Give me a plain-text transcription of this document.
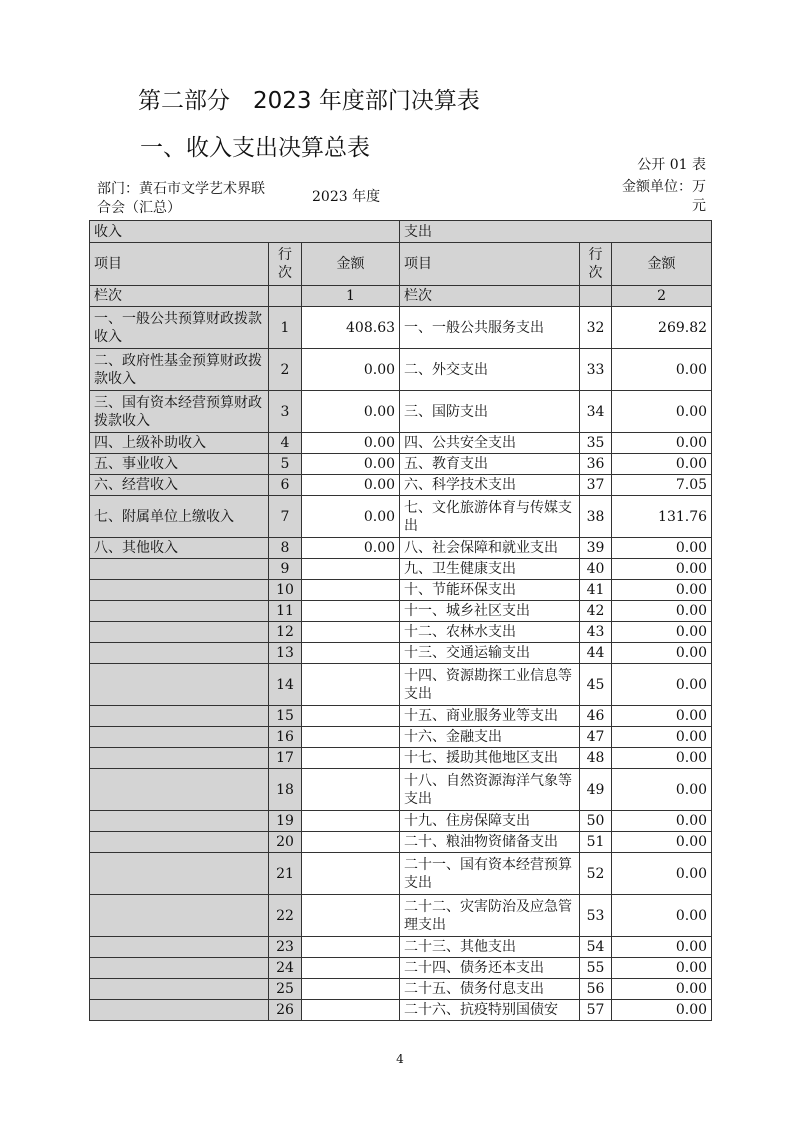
第二部分　2023 年度部门决算表
一、收入支出决算总表
公开 01 表
部门：黄石市文学艺术界联合会（汇总）
2023 年度
金额单位：万元
收入			支出		
项目	行次	金额	项目	行次	金额
栏次		1	栏次		2
一、一般公共预算财政拨款收入	1	408.63	一、一般公共服务支出	32	269.82
二、政府性基金预算财政拨款收入	2	0.00	二、外交支出	33	0.00
三、国有资本经营预算财政拨款收入	3	0.00	三、国防支出	34	0.00
四、上级补助收入	4	0.00	四、公共安全支出	35	0.00
五、事业收入	5	0.00	五、教育支出	36	0.00
六、经营收入	6	0.00	六、科学技术支出	37	7.05
七、附属单位上缴收入	7	0.00	七、文化旅游体育与传媒支出	38	131.76
八、其他收入	8	0.00	八、社会保障和就业支出	39	0.00
	9		九、卫生健康支出	40	0.00
	10		十、节能环保支出	41	0.00
	11		十一、城乡社区支出	42	0.00
	12		十二、农林水支出	43	0.00
	13		十三、交通运输支出	44	0.00
	14		十四、资源勘探工业信息等支出	45	0.00
	15		十五、商业服务业等支出	46	0.00
	16		十六、金融支出	47	0.00
	17		十七、援助其他地区支出	48	0.00
	18		十八、自然资源海洋气象等支出	49	0.00
	19		十九、住房保障支出	50	0.00
	20		二十、粮油物资储备支出	51	0.00
	21		二十一、国有资本经营预算支出	52	0.00
	22		二十二、灾害防治及应急管理支出	53	0.00
	23		二十三、其他支出	54	0.00
	24		二十四、债务还本支出	55	0.00
	25		二十五、债务付息支出	56	0.00
	26		二十六、抗疫特别国债安	57	0.00
4
